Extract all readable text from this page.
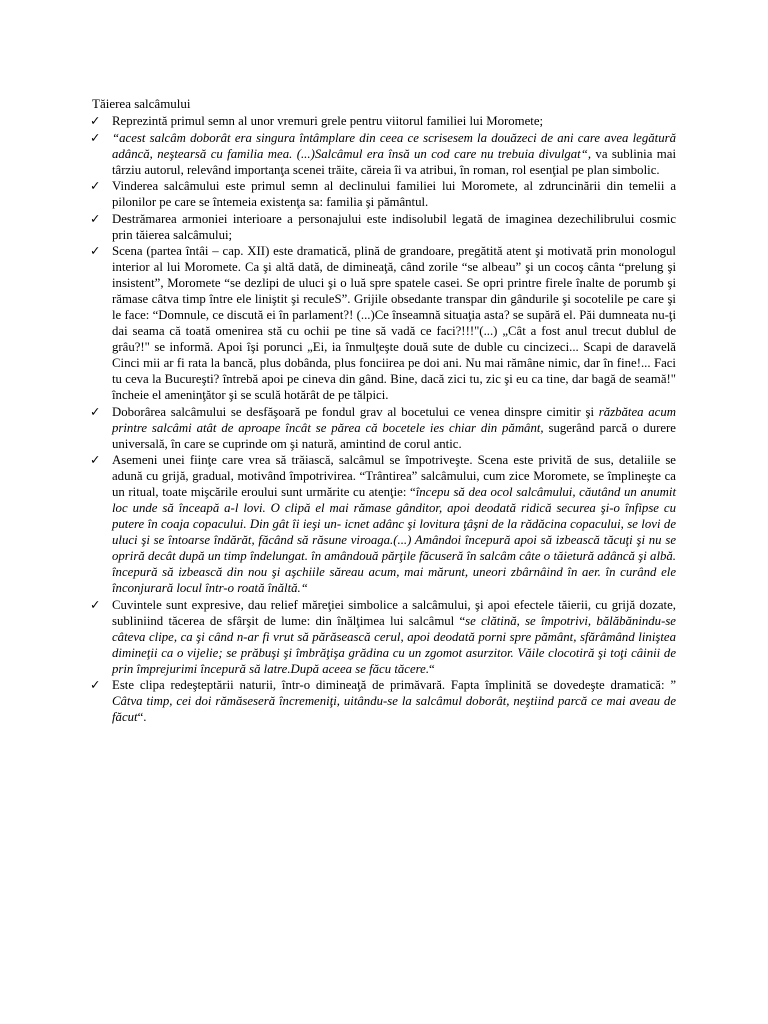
Tăierea salcâmului
✓ Reprezintă primul semn al unor vremuri grele pentru viitorul familiei lui Moromete;
✓ “acest salcâm doborât era singura întâmplare din ceea ce scrisesem la douăzeci de ani care avea legătură adâncă, neştearsă cu familia mea. (...)Salcâmul era însă un cod care nu trebuia divulgat“, va sublinia mai târziu autorul, relevând importanţa scenei trăite, căreia îi va atribui, în roman, rol esenţial pe plan simbolic.
✓ Vinderea salcâmului este primul semn al declinului familiei lui Moromete, al zdruncinării din temelii a pilonilor pe care se întemeia existenţa sa: familia şi pământul.
✓ Destrămarea armoniei interioare a personajului este indisolubil legată de imaginea dezechilibrului cosmic prin tăierea salcâmului;
✓ Scena (partea întâi – cap. XII) este dramatică, plină de grandoare, pregătită atent şi motivată prin monologul interior al lui Moromete. Ca şi altă dată, de dimineaţă, când zorile “se albeau” şi un cocoş cânta “prelung şi insistent”, Moromete “se dezlipi de uluci şi o luă spre spatele casei. Se opri printre firele înalte de porumb şi rămase câtva timp între ele liniştit şi reculeS”. Grijile obsedante transpar din gândurile şi socotelile pe care şi le face: “Domnule, ce discută ei în parlament?! (...)Ce înseamnă situaţia asta? se supără el. Păi dumneata nu-ţi dai seama că toată omenirea stă cu ochii pe tine să vadă ce faci?!!!"(...) „Cât a fost anul trecut dublul de grâu?!" se informă. Apoi îşi porunci „Ei, ia înmulţeşte două sute de duble cu cincizeci... Scapi de daravelă Cinci mii ar fi rata la bancă, plus dobânda, plus fonciirea pe doi ani. Nu mai rămâne nimic, dar în fine!... Faci tu ceva la Bucureşti? întrebă apoi pe cineva din gând. Bine, dacă zici tu, zic şi eu ca tine, dar bagă de seamă!" încheie el ameninţător şi se sculă hotărât de pe tălpici.
✓ Doborârea salcâmului se desfăşoară pe fondul grav al bocetului ce venea dinspre cimitir şi răzbătea acum printre salcâmi atât de aproape încât se părea că bocetele ies chiar din pământ, sugerând parcă o durere universală, în care se cuprinde om şi natură, amintind de corul antic.
✓ Asemeni unei fiinţe care vrea să trăiască, salcâmul se împotriveşte. Scena este privită de sus, detaliile se adună cu grijă, gradual, motivând împotrivirea. “Trântirea” salcâmului, cum zice Moromete, se împlineşte ca un ritual, toate mişcările eroului sunt urmărite cu atenţie: “începu să dea ocol salcâmului, căutând un anumit loc unde să înceapă a-l lovi. O clipă el mai rămase gânditor, apoi deodată ridică securea şi-o înfipse cu putere în coaja copacului. Din gât îi ieşi un- icnet adânc şi lovitura ţâşni de la rădăcina copacului, se lovi de uluci şi se întoarse îndărăt, făcând să răsune viroaga.(...) Amândoi începură apoi să izbească tăcuţi şi nu se opriră decât după un timp îndelungat. în amândouă părţile făcuseră în salcâm câte o tăietură adâncă şi albă. începură să izbească din nou şi aşchiile săreau acum, mai mărunt, uneori zbârnâind în aer. în curând ele înconjurară locul într-o roată înăltă.“
✓ Cuvintele sunt expresive, dau relief măreţiei simbolice a salcâmului, şi apoi efectele tăierii, cu grijă dozate, subliniind tăcerea de sfârşit de lume: din înălţimea lui salcâmul “se clătină, se împotrivi, bălăbănindu-se câteva clipe, ca şi când n-ar fi vrut să părăsească cerul, apoi deodată porni spre pământ, sfărâmând liniştea dimineţii ca o vijelie; se prăbuşi şi îmbrăţişa grădina cu un zgomot asurzitor. Văile clocotiră şi toţi câinii de prin împrejurimi începură să latre.După aceea se făcu tăcere.“
✓ Este clipa redeşteptării naturii, într-o dimineaţă de primăvară. Fapta împlinită se dovedeşte dramatică: ” Câtva timp, cei doi rămăseseră încremeniţi, uitându-se la salcâmul doborât, neştiind parcă ce mai aveau de făcut“.
